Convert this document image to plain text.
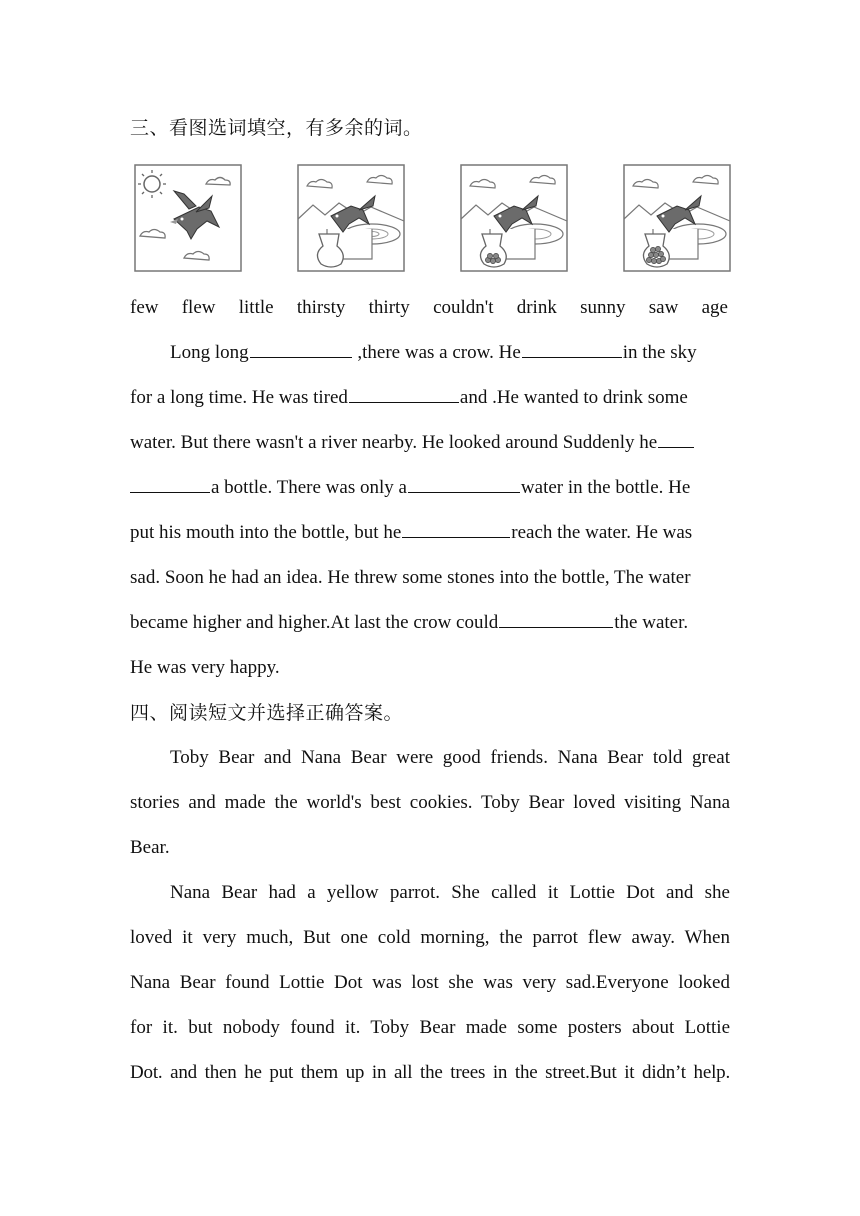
三、看图选词填空，有多余的词。
few flew little thirsty thirty couldn't drink sunny saw age
Long long	,there was a crow. He	in the sky
for a long time. He was tired	and .He wanted to drink some
water. But there wasn't a river nearby. He looked around Suddenly he
a bottle. There was only a	water in the bottle. He
put his mouth into the bottle, but he	reach the water. He was
sad. Soon he had an idea. He threw some stones into the bottle, The water
became higher and higher.At last the crow could	the water.
He was very happy.
四、阅读短文并选择正确答案。
Toby Bear and Nana Bear were good friends. Nana Bear told great
stories and made the world's best cookies. Toby Bear loved visiting Nana
Bear.
Nana Bear had a yellow parrot. She called it Lottie Dot and she
loved it very much, But one cold morning, the parrot flew away. When
Nana Bear found Lottie Dot was lost she was very sad.Everyone looked
for it. but nobody found it. Toby Bear made some posters about Lottie
Dot. and then he put them up in all the trees in the street.But it didn’t help.
